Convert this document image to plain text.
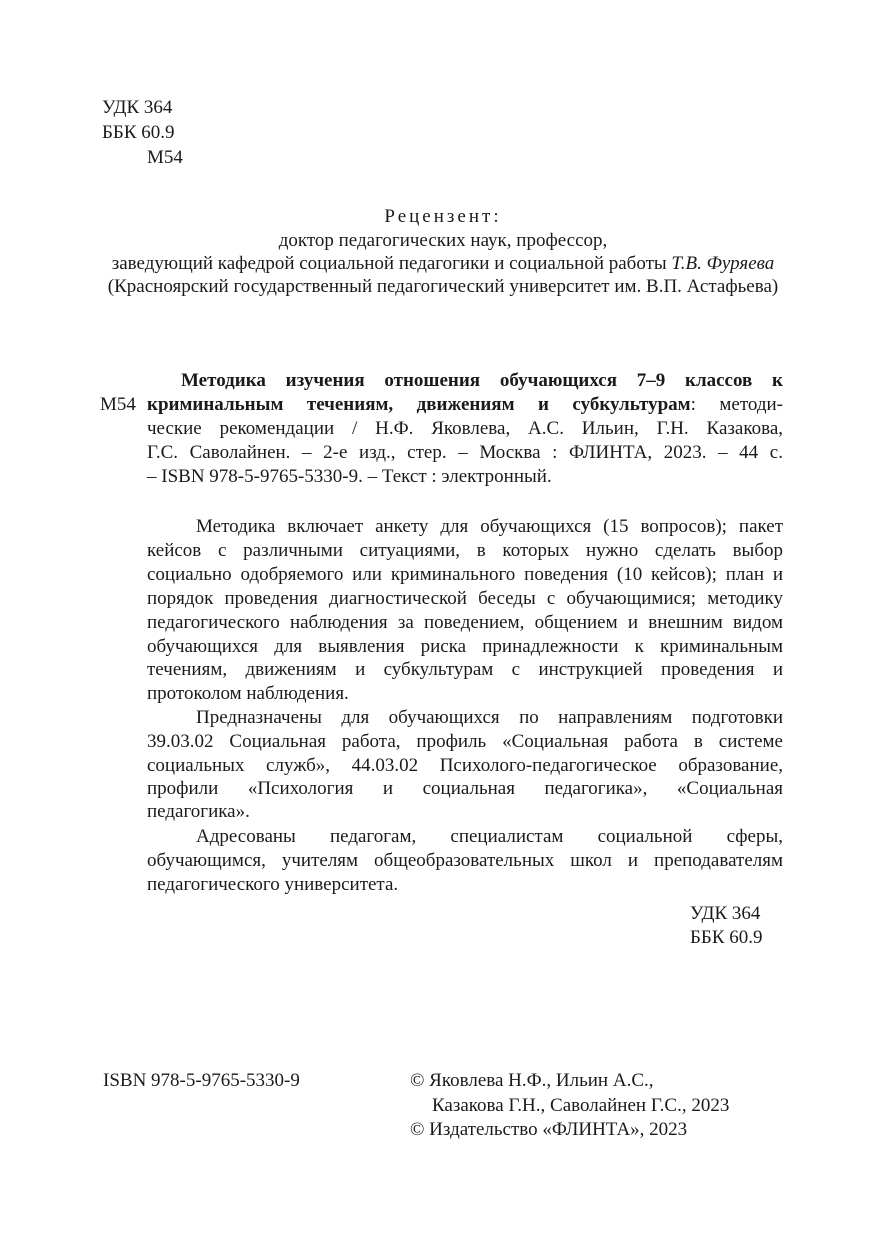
УДК 364
ББК 60.9
М54
Рецензент:
доктор педагогических наук, профессор,
заведующий кафедрой социальной педагогики и социальной работы Т.В. Фуряева
(Красноярский государственный педагогический университет им. В.П. Астафьева)
М54
Методика изучения отношения обучающихся 7–9 классов к
криминальным течениям, движениям и субкультурам: методи-
ческие рекомендации / Н.Ф. Яковлева, А.С. Ильин, Г.Н. Казакова,
Г.С. Саволайнен. – 2-е изд., стер. – Москва : ФЛИНТА, 2023. – 44 с.
– ISBN 978-5-9765-5330-9. – Текст : электронный.
Методика включает анкету для обучающихся (15 вопросов); пакет
кейсов с различными ситуациями, в которых нужно сделать выбор
социально одобряемого или криминального поведения (10 кейсов); план и
порядок проведения диагностической беседы с обучающимися; методику
педагогического наблюдения за поведением, общением и внешним видом
обучающихся для выявления риска принадлежности к криминальным
течениям, движениям и субкультурам с инструкцией проведения и
протоколом наблюдения.
Предназначены для обучающихся по направлениям подготовки
39.03.02 Социальная работа, профиль «Социальная работа в системе
социальных служб», 44.03.02 Психолого-педагогическое образование,
профили «Психология и социальная педагогика», «Социальная
педагогика».
Адресованы педагогам, специалистам социальной сферы,
обучающимся, учителям общеобразовательных школ и преподавателям
педагогического университета.
УДК 364
ББК 60.9
ISBN 978-5-9765-5330-9	© Яковлева Н.Ф., Ильин А.С.,
Казакова Г.Н., Саволайнен Г.С., 2023
© Издательство «ФЛИНТА», 2023
